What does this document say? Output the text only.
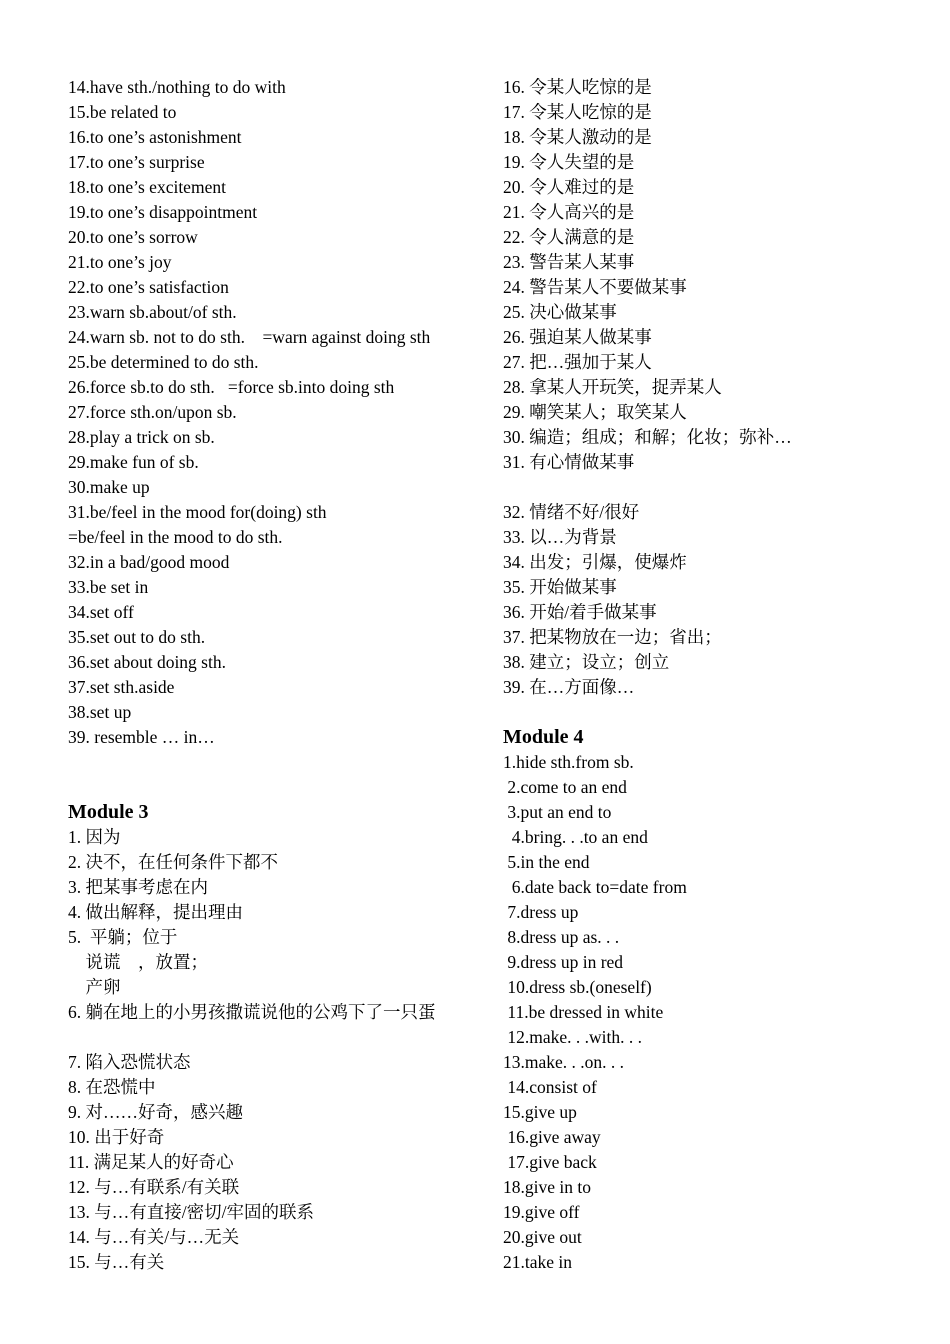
14.have sth./nothing to do with
15.be related to
16.to one’s astonishment
17.to one’s surprise
18.to one’s excitement
19.to one’s disappointment
20.to one’s sorrow
21.to one’s joy
22.to one’s satisfaction
23.warn sb.about/of sth.
24.warn sb. not to do sth.    =warn against doing sth
25.be determined to do sth.
26.force sb.to do sth.   =force sb.into doing sth
27.force sth.on/upon sb.
28.play a trick on sb.
29.make fun of sb.
30.make up
31.be/feel in the mood for(doing) sth
=be/feel in the mood to do sth.
32.in a bad/good mood
33.be set in
34.set off
35.set out to do sth.
36.set about doing sth.
37.set sth.aside
38.set up
39. resemble … in…
Module 3
1. 因为
2. 决不，在任何条件下都不
3. 把某事考虑在内
4. 做出解释，提出理由
5.  平躺；位于
说谎    ，放置；
产卵
6. 躺在地上的小男孩撒谎说他的公鸡下了一只蛋
7. 陷入恐慌状态
8. 在恐慌中
9. 对……好奇，感兴趣
10. 出于好奇
11. 满足某人的好奇心
12. 与…有联系/有关联
13. 与…有直接/密切/牢固的联系
14. 与…有关/与…无关
15. 与…有关
16. 令某人吃惊的是
17. 令某人吃惊的是
18. 令某人激动的是
19. 令人失望的是
20. 令人难过的是
21. 令人高兴的是
22. 令人满意的是
23. 警告某人某事
24. 警告某人不要做某事
25. 决心做某事
26. 强迫某人做某事
27. 把…强加于某人
28. 拿某人开玩笑，捉弄某人
29. 嘲笑某人；取笑某人
30. 编造；组成；和解；化妆；弥补…
31. 有心情做某事
32. 情绪不好/很好
33. 以…为背景
34. 出发；引爆，使爆炸
35. 开始做某事
36. 开始/着手做某事
37. 把某物放在一边；省出；
38. 建立；设立；创立
39. 在…方面像…
Module 4
1.hide sth.from sb.
2.come to an end
3.put an end to
4.bring. . .to an end
5.in the end
6.date back to=date from
7.dress up
8.dress up as. . .
9.dress up in red
10.dress sb.(oneself)
11.be dressed in white
12.make. . .with. . .
13.make. . .on. . .
14.consist of
15.give up
16.give away
17.give back
18.give in to
19.give off
20.give out
21.take in
